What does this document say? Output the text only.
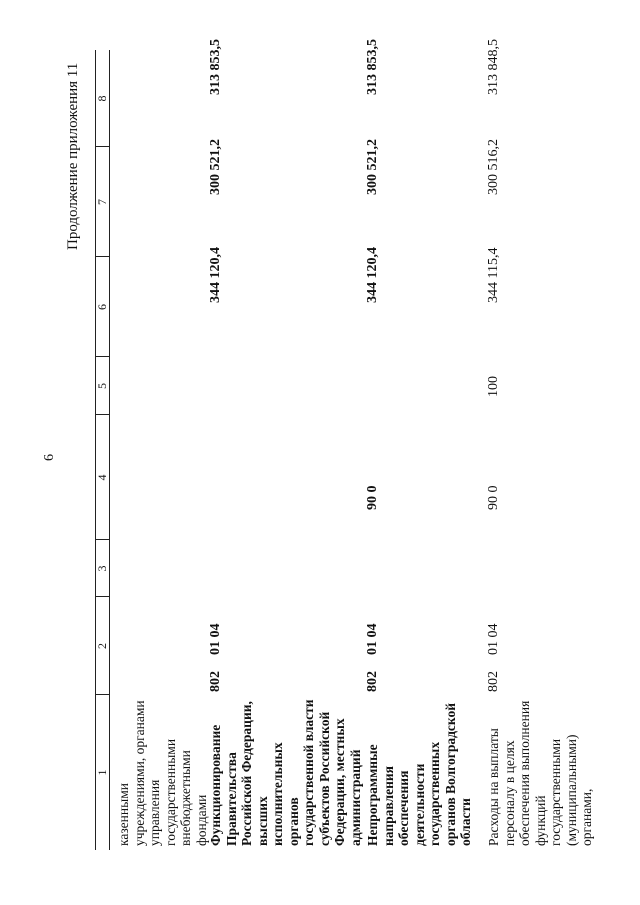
6
Продолжение приложения 11
1
2
3
4
5
6
7
8
казенными учреждениями, органами управления государственными внебюджетными фондами Функционирование Правительства Российской Федерации, высших исполнительных органов государственной власти субъектов Российской Федерации, местных администраций
802
01 04
344 120,4
300 521,2
313 853,5
Непрограммные направления обеспечения деятельности государственных органов Волгоградской области
802
01 04
90 0
344 120,4
300 521,2
313 853,5
Расходы на выплаты персоналу в целях обеспечения выполнения функций государственными (муниципальными) органами,
802
01 04
90 0
100
344 115,4
300 516,2
313 848,5
